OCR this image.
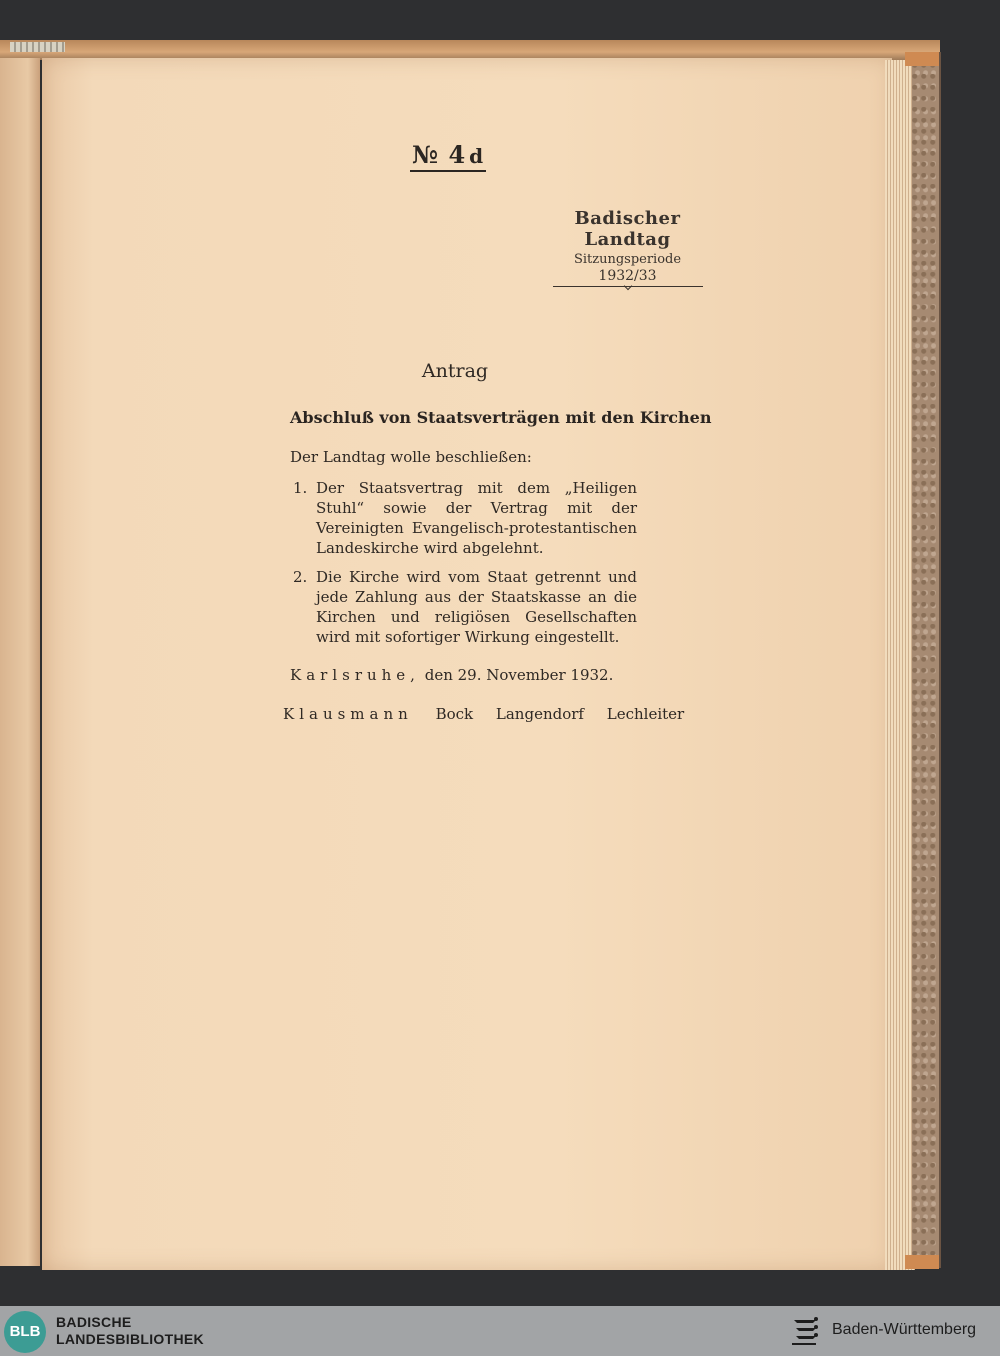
№ 4 d
Badischer Landtag
Sitzungsperiode
1932/33
Antrag
Abschluß von Staatsverträgen mit den Kirchen
Der Landtag wolle beschließen:
1. Der Staatsvertrag mit dem „Heiligen Stuhl“ sowie der Vertrag mit der Vereinigten Evangelisch-protestantischen Landeskirche wird abgelehnt.
2. Die Kirche wird vom Staat getrennt und jede Zahlung aus der Staatskasse an die Kirchen und religiösen Gesellschaften wird mit sofortiger Wirkung eingestellt.
Karlsruhe, den 29. November 1932.
Klausmann Bock Langendorf Lechleiter
BLB
BADISCHE
LANDESBIBLIOTHEK
Baden-Württemberg
